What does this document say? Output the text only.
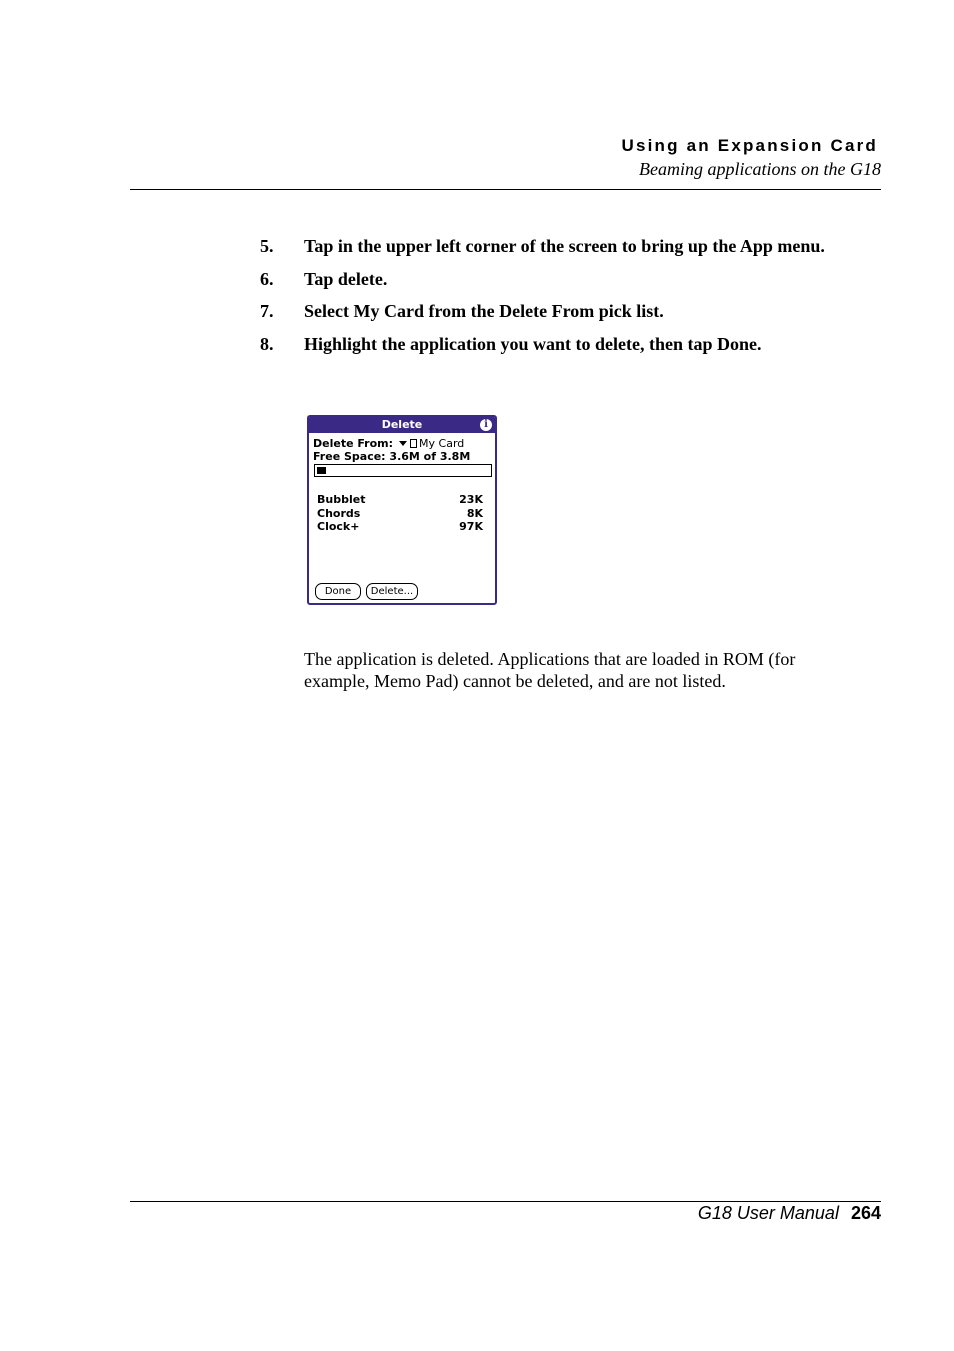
Using an Expansion Card
Beaming applications on the G18
5. Tap in the upper left corner of the screen to bring up the App menu.
6. Tap delete.
7. Select My Card from the Delete From pick list.
8. Highlight the application you want to delete, then tap Done.
Delete	i
Delete From: My Card
Free Space: 3.6M of 3.8M
Bubblet	23K
Chords	8K
Clock+	97K
Done	Delete...
The application is deleted. Applications that are loaded in ROM (for
example, Memo Pad) cannot be deleted, and are not listed.
G18 User Manual 264
